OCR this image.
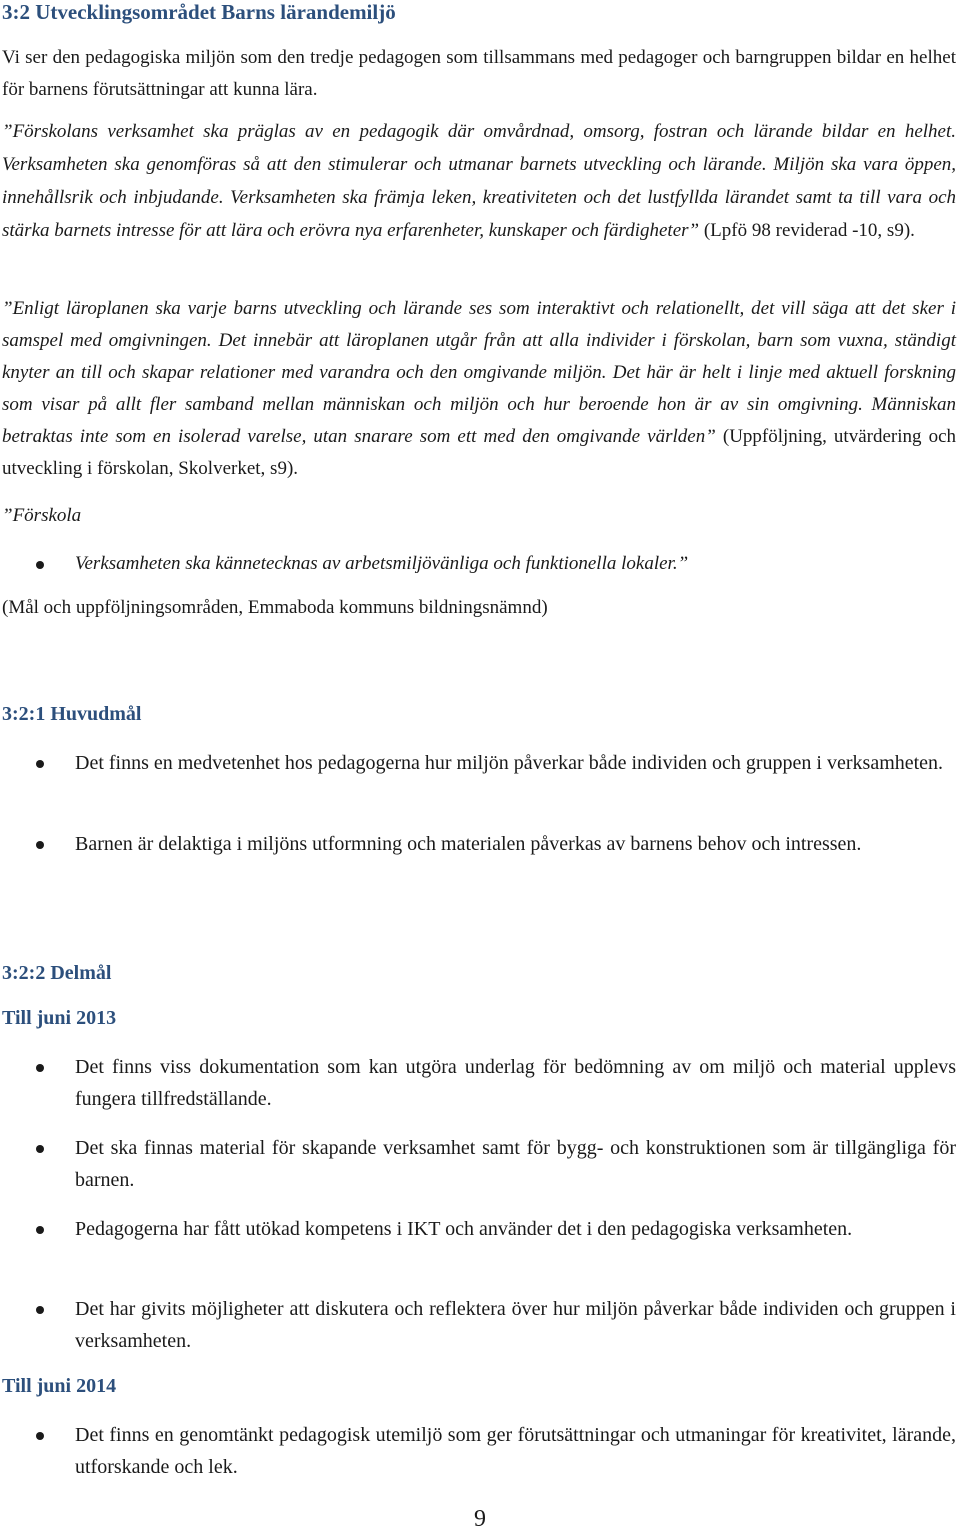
3:2 Utvecklingsområdet Barns lärandemiljö

Vi ser den pedagogiska miljön som den tredje pedagogen som tillsammans med pedagoger och barngruppen bildar en helhet för barnens förutsättningar att kunna lära.

”Förskolans verksamhet ska präglas av en pedagogik där omvårdnad, omsorg, fostran och lärande bildar en helhet. Verksamheten ska genomföras så att den stimulerar och utmanar barnets utveckling och lärande. Miljön ska vara öppen, innehållsrik och inbjudande. Verksamheten ska främja leken, kreativiteten och det lustfyllda lärandet samt ta till vara och stärka barnets intresse för att lära och erövra nya erfarenheter, kunskaper och färdigheter” (Lpfö 98 reviderad -10, s9).

”Enligt läroplanen ska varje barns utveckling och lärande ses som interaktivt och relationellt, det vill säga att det sker i samspel med omgivningen. Det innebär att läroplanen utgår från att alla individer i förskolan, barn som vuxna, ständigt knyter an till och skapar relationer med varandra och den omgivande miljön. Det här är helt i linje med aktuell forskning som visar på allt fler samband mellan människan och miljön och hur beroende hon är av sin omgivning. Människan betraktas inte som en isolerad varelse, utan snarare som ett med den omgivande världen” (Uppföljning, utvärdering och utveckling i förskolan, Skolverket, s9).

”Förskola

Verksamheten ska kännetecknas av arbetsmiljövänliga och funktionella lokaler.”

(Mål och uppföljningsområden, Emmaboda kommuns bildningsnämnd)

3:2:1 Huvudmål

Det finns en medvetenhet hos pedagogerna hur miljön påverkar både individen och gruppen i verksamheten.

Barnen är delaktiga i miljöns utformning och materialen påverkas av barnens behov och intressen.

3:2:2 Delmål
Till juni 2013

Det finns viss dokumentation som kan utgöra underlag för bedömning av om miljö och material upplevs fungera tillfredställande.

Det ska finnas material för skapande verksamhet samt för bygg- och konstruktionen som är tillgängliga för barnen.

Pedagogerna har fått utökad kompetens i IKT och använder det i den pedagogiska verksamheten.

Det har givits möjligheter att diskutera och reflektera över hur miljön påverkar både individen och gruppen i verksamheten.

Till juni 2014

Det finns en genomtänkt pedagogisk utemiljö som ger förutsättningar och utmaningar för kreativitet, lärande, utforskande och lek.

9
